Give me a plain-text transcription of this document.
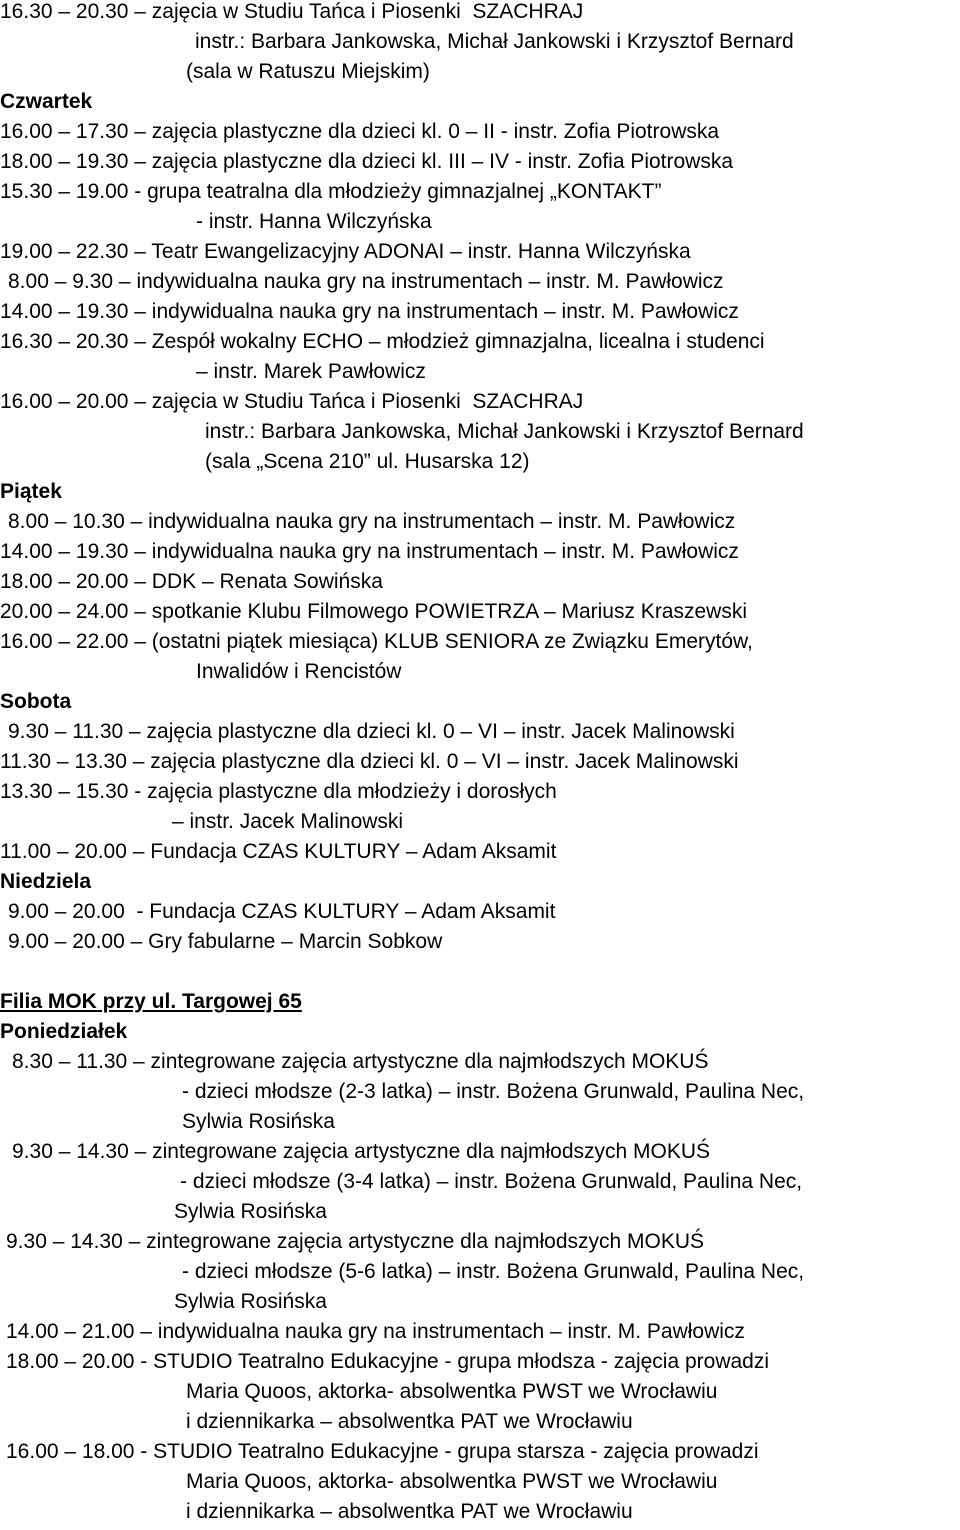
16.30 – 20.30 – zajęcia w Studiu Tańca i Piosenki  SZACHRAJ
instr.: Barbara Jankowska, Michał Jankowski i Krzysztof Bernard
(sala w Ratuszu Miejskim)
Czwartek
16.00 – 17.30 – zajęcia plastyczne dla dzieci kl. 0 – II - instr. Zofia Piotrowska
18.00 – 19.30 – zajęcia plastyczne dla dzieci kl. III – IV - instr. Zofia Piotrowska
15.30 – 19.00 - grupa teatralna dla młodzieży gimnazjalnej „KONTAKT”
- instr. Hanna Wilczyńska
19.00 – 22.30 – Teatr Ewangelizacyjny ADONAI – instr. Hanna Wilczyńska
8.00 – 9.30 – indywidualna nauka gry na instrumentach – instr. M. Pawłowicz
14.00 – 19.30 – indywidualna nauka gry na instrumentach – instr. M. Pawłowicz
16.30 – 20.30 – Zespół wokalny ECHO – młodzież gimnazjalna, licealna i studenci
– instr. Marek Pawłowicz
16.00 – 20.00 – zajęcia w Studiu Tańca i Piosenki  SZACHRAJ
instr.: Barbara Jankowska, Michał Jankowski i Krzysztof Bernard
(sala „Scena 210” ul. Husarska 12)
Piątek
8.00 – 10.30 – indywidualna nauka gry na instrumentach – instr. M. Pawłowicz
14.00 – 19.30 – indywidualna nauka gry na instrumentach – instr. M. Pawłowicz
18.00 – 20.00 – DDK – Renata Sowińska
20.00 – 24.00 – spotkanie Klubu Filmowego POWIETRZA – Mariusz Kraszewski
16.00 – 22.00 – (ostatni piątek miesiąca) KLUB SENIORA ze Związku Emerytów,
Inwalidów i Rencistów
Sobota
9.30 – 11.30 – zajęcia plastyczne dla dzieci kl. 0 – VI – instr. Jacek Malinowski
11.30 – 13.30 – zajęcia plastyczne dla dzieci kl. 0 – VI – instr. Jacek Malinowski
13.30 – 15.30 - zajęcia plastyczne dla młodzieży i dorosłych
– instr. Jacek Malinowski
11.00 – 20.00 – Fundacja CZAS KULTURY – Adam Aksamit
Niedziela
9.00 – 20.00  - Fundacja CZAS KULTURY – Adam Aksamit
9.00 – 20.00 – Gry fabularne – Marcin Sobkow
Filia MOK przy ul. Targowej 65
Poniedziałek
8.30 – 11.30 – zintegrowane zajęcia artystyczne dla najmłodszych MOKUŚ
- dzieci młodsze (2-3 latka) – instr. Bożena Grunwald, Paulina Nec,
Sylwia Rosińska
9.30 – 14.30 – zintegrowane zajęcia artystyczne dla najmłodszych MOKUŚ
- dzieci młodsze (3-4 latka) – instr. Bożena Grunwald, Paulina Nec,
Sylwia Rosińska
9.30 – 14.30 – zintegrowane zajęcia artystyczne dla najmłodszych MOKUŚ
- dzieci młodsze (5-6 latka) – instr. Bożena Grunwald, Paulina Nec,
Sylwia Rosińska
14.00 – 21.00 – indywidualna nauka gry na instrumentach – instr. M. Pawłowicz
18.00 – 20.00 - STUDIO Teatralno Edukacyjne - grupa młodsza - zajęcia prowadzi
Maria Quoos, aktorka- absolwentka PWST we Wrocławiu
i dziennikarka – absolwentka PAT we Wrocławiu
16.00 – 18.00 - STUDIO Teatralno Edukacyjne - grupa starsza - zajęcia prowadzi
Maria Quoos, aktorka- absolwentka PWST we Wrocławiu
i dziennikarka – absolwentka PAT we Wrocławiu
